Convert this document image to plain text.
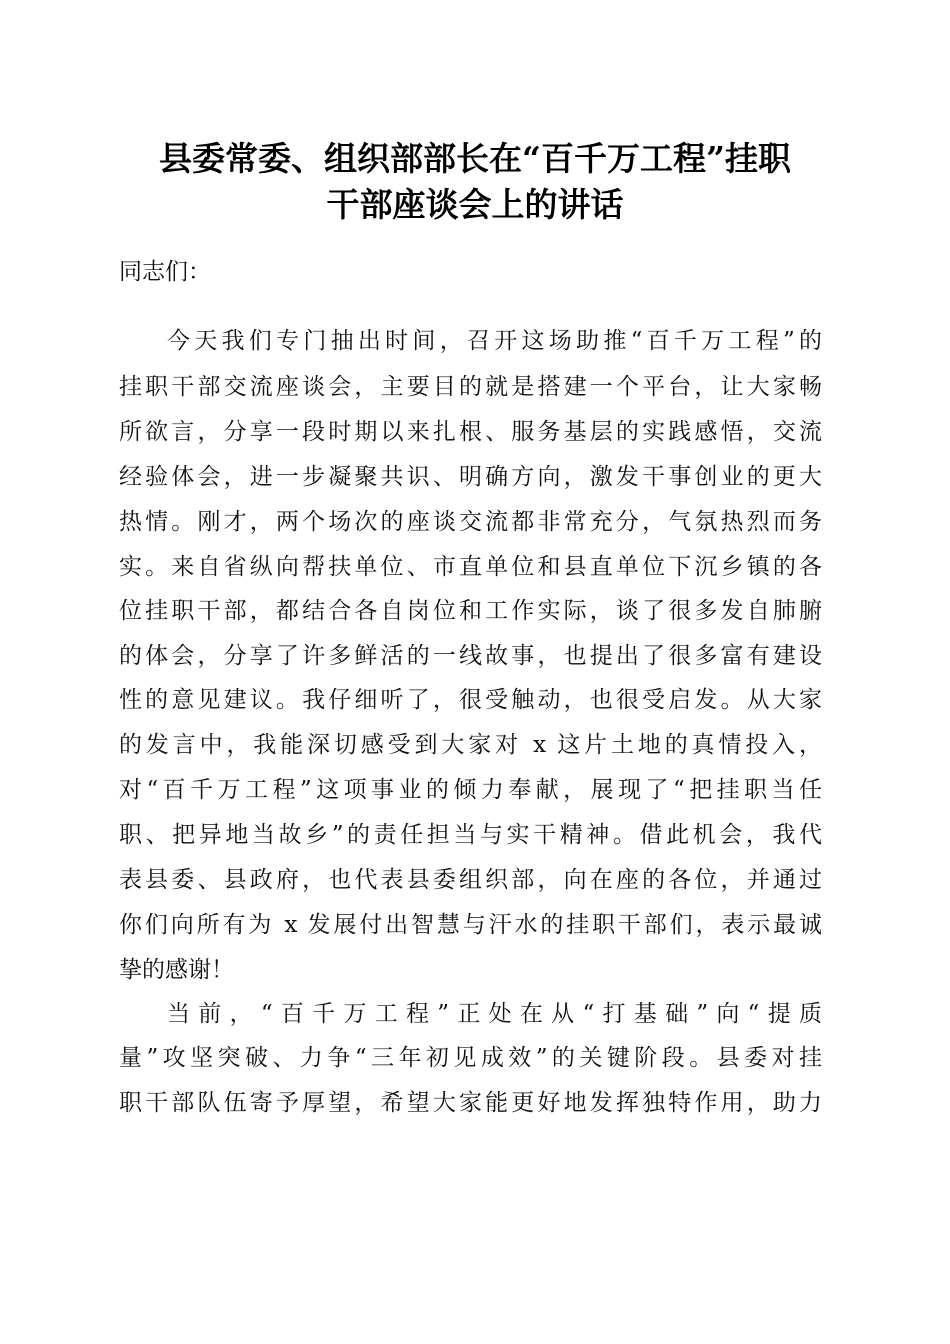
县委常委、组织部部长在“百千万工程”挂职
干部座谈会上的讲话
同志们：
今天我们专门抽出时间，召开这场助推“百千万工程”的
挂职干部交流座谈会，主要目的就是搭建一个平台，让大家畅
所欲言，分享一段时期以来扎根、服务基层的实践感悟，交流
经验体会，进一步凝聚共识、明确方向，激发干事创业的更大
热情。刚才，两个场次的座谈交流都非常充分，气氛热烈而务
实。来自省纵向帮扶单位、市直单位和县直单位下沉乡镇的各
位挂职干部，都结合各自岗位和工作实际，谈了很多发自肺腑
的体会，分享了许多鲜活的一线故事，也提出了很多富有建设
性的意见建议。我仔细听了，很受触动，也很受启发。从大家
的发言中，我能深切感受到大家对 x 这片土地的真情投入，
对“百千万工程”这项事业的倾力奉献，展现了“把挂职当任
职、把异地当故乡”的责任担当与实干精神。借此机会，我代
表县委、县政府，也代表县委组织部，向在座的各位，并通过
你们向所有为 x 发展付出智慧与汗水的挂职干部们，表示最诚
挚的感谢！
当前，“百千万工程”正处在从“打基础”向“提质
量”攻坚突破、力争“三年初见成效”的关键阶段。县委对挂
职干部队伍寄予厚望，希望大家能更好地发挥独特作用，助力
